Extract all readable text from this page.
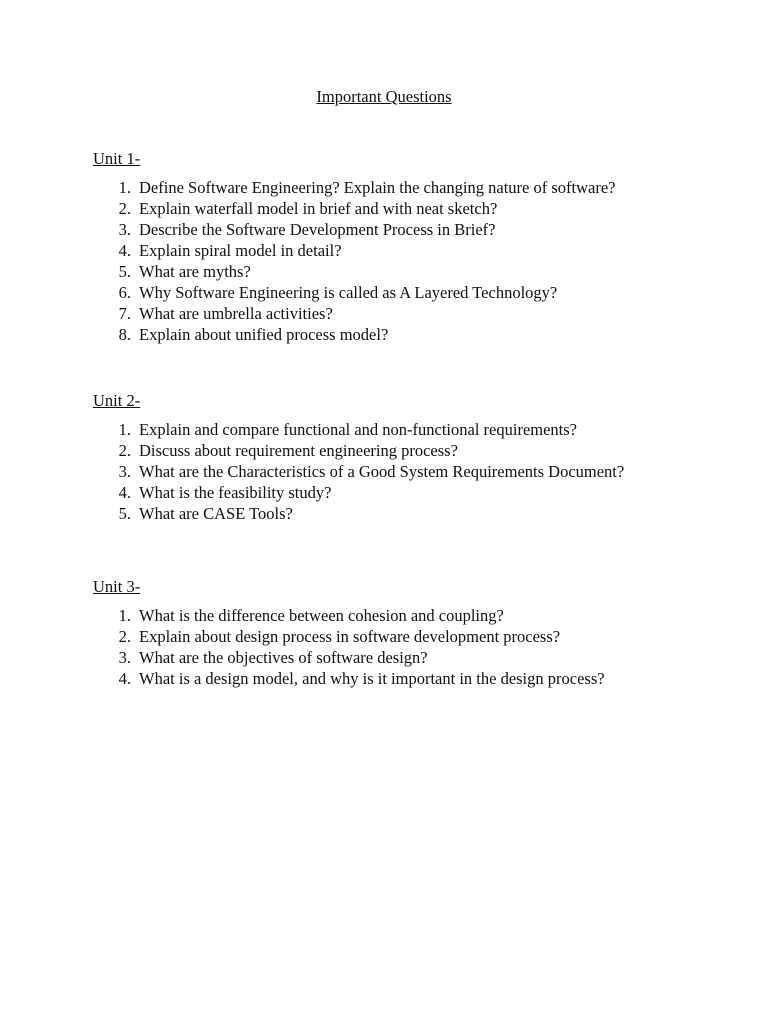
Important Questions
Unit 1-
1. Define Software Engineering? Explain the changing nature of software?
2. Explain waterfall model in brief and with neat sketch?
3. Describe the Software Development Process in Brief?
4. Explain spiral model in detail?
5. What are myths?
6. Why Software Engineering is called as A Layered Technology?
7. What are umbrella activities?
8. Explain about unified process model?
Unit 2-
1. Explain and compare functional and non-functional requirements?
2. Discuss about requirement engineering process?
3. What are the Characteristics of a Good System Requirements Document?
4. What is the feasibility study?
5. What are CASE Tools?
Unit 3-
1. What is the difference between cohesion and coupling?
2. Explain about design process in software development process?
3. What are the objectives of software design?
4. What is a design model, and why is it important in the design process?
